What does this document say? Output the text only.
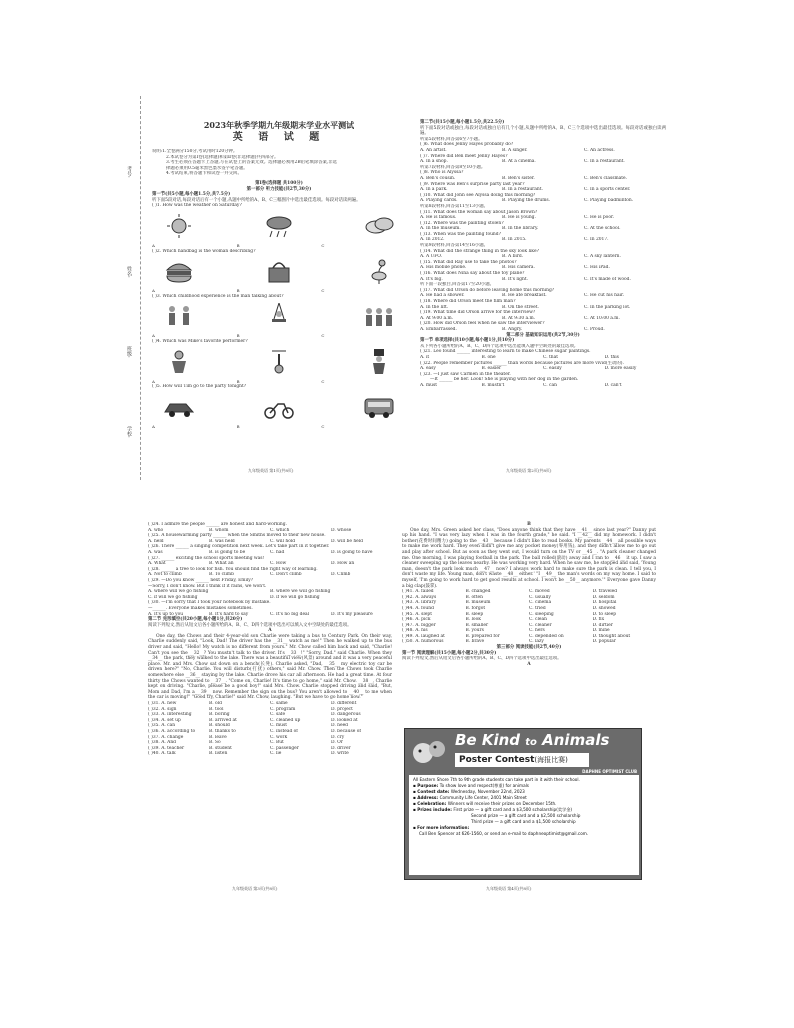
考号:
姓名:
班级:
学校:
2023年秋季学期九年级期末学业水平测试
英 语 试 题
说明:1.全卷满分150分,考试用时120分钟。
2.本试卷分为第Ⅰ卷(选择题)和第Ⅱ卷(非选择题)共四部分。
3.考生必须在答题卡上答题,写在试卷上的答案无效。选择题必须用2B铅笔填涂答案,非选
择题必须用0.5毫米黑色墨水签字笔答题。
4.考试结束,将答题卡和试卷一并交回。
第Ⅰ卷(选择题 共100分)
第一部分 听力技能(共2节,30分)
第一节(共5小题,每小题1.5分,共7.5分)
听下面5段对话,每段对话后有一个小题,从题中所给的A、B、C三幅图片中选出最佳选项。每段对话读两遍。
( )1. How was the weather on Saturday?
A	B	C
( )2. Which handbag is the woman describing?
A	B	C
( )3. Which childhood experience is the man talking about?
A	B	C
( )4. Which was Mike's favorite performer?
A	B	C
( )5. How will Tim go to the party tonight?
A	B	C
九年级英语 第1页(共8页)
第二节(共15小题,每小题1.5分,共22.5分)
听下面5段对话或独白,每段对话或独白后有几个小题,从题中所给的A、B、C三个选项中选出最佳选项。每段对话或独白读两遍。
听第5段材料,回答第6至7小题。
( )6. What does Jenny Hayes probably do?
A. An artist.	B. A singer.	C. An actress.
( )7. Where did Ben meet Jenny Hayes?
A. In a shop.	B. At a cinema.	C. In a restaurant.
听第7段材料,回答第8至10小题。
( )8. Who is Alyssa?
A. Ben's cousin.	B. Ben's sister.	C. Ben's classmate.
( )9. Where was Ben's surprise party last year?
A. In a park.	B. In a restaurant.	C. In a sports center.
( )10. What did John see Alyssa doing this morning?
A. Playing cards.	B. Playing the drums.	C. Playing badminton.
听第8段材料,回答第11至13小题。
( )11. What does the woman say about Jason Brown?
A. He is famous.	B. He is young.	C. He is poor.
( )12. Where was the painting stolen?
A. In the museum.	B. In the library.	C. At the school.
( )13. When was the painting found?
A. In 2012.	B. In 2015.	C. In 2017.
听第9段材料,回答第14至16小题。
( )14. What did the strange thing in the sky look like?
A. A UFO.	B. A bird.	C. A sky lantern.
( )15. What did Ray use to take the photos?
A. His mobile phone.	B. His camera.	C. His iPad.
( )16. What does Nina say about the toy plane?
A. It's big.	B. It's light.	C. It's made of wood.
听下面一段独白,回答第17至20小题。
( )17. What did Orson do before leaving home this morning?
A. He had a shower.	B. He ate breakfast.	C. He cut his hair.
( )18. Where did Orson meet the film man?
A. In the lift.	B. On the street.	C. In the parking lot.
( )19. What time did Orson arrive for the interview?
A. At 9:00 a.m.	B. At 9:30 a.m.	C. At 10:00 a.m.
( )20. How did Orson feel when he saw the interviewer?
A. Embarrassed.	B. Angry.	C. Proud.
第二部分 基础知识运用(共2节,30分)
第一节 单项选择(共10小题,每小题1分,共10分)
从下列各小题所给的A、B、C、D四个选项中选出能填入题中空缺处的最佳选项。
( )21. Leo found ______ interesting to learn to make Chinese sugar paintings.
A. it	B. one	C. that	D. this
( )22. People remember pictures ______ than words because pictures are more vivid(生动的).
A. easy	B. easier	C. easily	D. more easily
( )23. —I just saw Carmen in the theater.
—It ______ be her. Look! She is playing with her dog in the garden.
A. must	B. mustn't	C. can	D. can't
九年级英语 第2页(共8页)
( )24. I admire the people ______ are honest and hard-working.
A. who	B. whom	C. which	D. whose
( )25. A housewarming party ______ when the Smiths moved to their new house.
A. held	B. was held	C. will hold	D. will be held
( )26. There ______ a singing competition next week. Let's take part in it together.
A. was	B. is going to be	C. had	D. is going to have
( )27. ______ exciting the school sports meeting was!
A. What	B. What an	C. How	D. How an
( )28. ______ a tree to look for fish. You should find the right way of learning.
A. Not to climb	B. To climb	C. Don't climb	D. Climb
( )29. —Do you know ______ next Friday, Emily?
—Sorry, I don't know. But I think if it rains, we won't.
A. where will we go fishing	B. where we will go fishing
C. if will we go fishing	D. if we will go fishing
( )30. —I'm sorry that I took your notebook by mistake.
—______. Everyone makes mistakes sometimes.
A. It's up to you	B. It's hard to say	C. It's no big deal	D. It's my pleasure
第二节 完形填空(共20小题,每小题1分,共20分)
阅读下列短文,然后从短文后各小题所给的A、B、C、D四个选项中选出可以填入文中空缺处的最佳选项。
A
One day, the Chows and their 4-year-old son Charlie were taking a bus to Century Park. On their way, Charlie suddenly said, "Look, Dad! The driver has the __31__ watch as me!" Then he walked up to the bus driver and said, "Hello! My watch is no different from yours." Mr. Chow called him back and said, "Charlie! Can't you see the __32__? You mustn't talk to the driver. It's __33__!" "Sorry, Dad." said Charlie. When they __34__ the park, they walked to the lake. There was a beautiful view(风景) around and it was a very peaceful place. Mr. and Mrs. Chow sat down on a bench(长凳). Charlie asked, "Dad, __35__ my electric toy car be driven here?" "No, Charlie. You will disturb(打扰) others," said Mr. Chow. Then the Chows took Charlie somewhere else __36__ staying by the lake. Charlie drove his car all afternoon. He had a great time. At four thirty the Chows wanted to __37__. "Come on, Charlie! It's time to go home," said Mr. Chow. __38__, Charlie kept on driving. "Charlie, please be a good boy!" said Mrs. Chow. Charlie stopped driving and said, "But, Mom and Dad, I'm a __39__ now. Remember the sign on the bus? You aren't allowed to __40__ to me when the car is moving!" "Good try, Charlie!" said Mr. Chow, laughing. "But we have to go home now."
( )31. A. new	B. old	C. same	D. different
( )32. A. sign	B. tool	C. program	D. project
( )33. A. interesting	B. boring	C. safe	D. dangerous
( )34. A. set up	B. arrived at	C. cleaned up	D. looked at
( )35. A. can	B. should	C. must	D. need
( )36. A. according to	B. thanks to	C. instead of	D. because of
( )37. A. change	B. leave	C. work	D. cry
( )38. A. And	B. So	C. But	D. Or
( )39. A. teacher	B. student	C. passenger	D. driver
( )40. A. talk	B. listen	C. lie	D. write
九年级英语 第3页(共8页)
B
One day, Mrs. Green asked her class, "Does anyone think that they have __41__ since last year?" Danny put up his hand. "I was very lazy when I was in the fourth grade," he said. "I __42__ did my homework. I didn't bother(花费时间精力) going to the __43__ because I didn't like to read books. My parents __44__ all possible ways to make me work hard. They even didn't give me any pocket money(零用钱), and they didn't allow me to go out and play after school. But as soon as they went out, I would turn on the TV or __45__. "A park cleaner changed me. One morning, I was playing football in the park. The ball rolled(滚动) away and I ran to __46__ it up. I saw a cleaner sweeping up the leaves nearby. He was working very hard. When he saw me, he stopped and said, 'Young man, doesn't the park look much __47__ now? I always work hard to make sure the park is clean. I tell you, I don't waste my life. Young man, don't waste __48__ either.' "I __49__ the man's words on my way home. I said to myself, 'I'm going to work hard to get good results at school. I won't be __50__ anymore.'" Everyone gave Danny a big clap(鼓掌).
( )41. A. failed	B. changed	C. moved	D. traveled
( )42. A. always	B. often	C. usually	D. seldom
( )43. A. library	B. museum	C. cinema	D. hospital
( )44. A. found	B. forgot	C. tried	D. showed
( )45. A. slept	B. sleep	C. sleeping	D. to sleep
( )46. A. pick	B. look	C. clean	D. fix
( )47. A. bigger	B. smaller	C. cleaner	D. dirtier
( )48. A. his	B. yours	C. hers	D. mine
( )49. A. laughed at	B. prepared for	C. depended on	D. thought about
( )50. A. humorous	B. brave	C. lazy	D. popular
第三部分 阅读技能(共2节,40分)
第一节 阅读理解(共15小题,每小题2分,共30分)
阅读下列短文,然后从短文后各小题所给的A、B、C、D四个选项中选出最佳选项。
A
Be Kind to Animals
Poster Contest(海报比赛)
DAPHNE OPTIMIST CLUB
All Eastern Shore 7th to 9th grade students can take part in it with their school.
▪ Purpose: To show love and respect(尊重) for animals
▪ Contest date: Wednesday, November 22nd, 2023
▪ Address: Community Life Center, 2401 Main Street
▪ Celebration: Winners will receive their prizes on December 15th.
▪ Prizes include: First prize — a gift card and a $3,500 scholarship(奖学金)
Second prize — a gift card and a $2,500 scholarship
Third prize — a gift card and a $1,500 scholarship
▪ For more information:
Call Ben Spencer at 626-1560, or send an e-mail to daphneoptimist@gmail.com.
九年级英语 第4页(共8页)
